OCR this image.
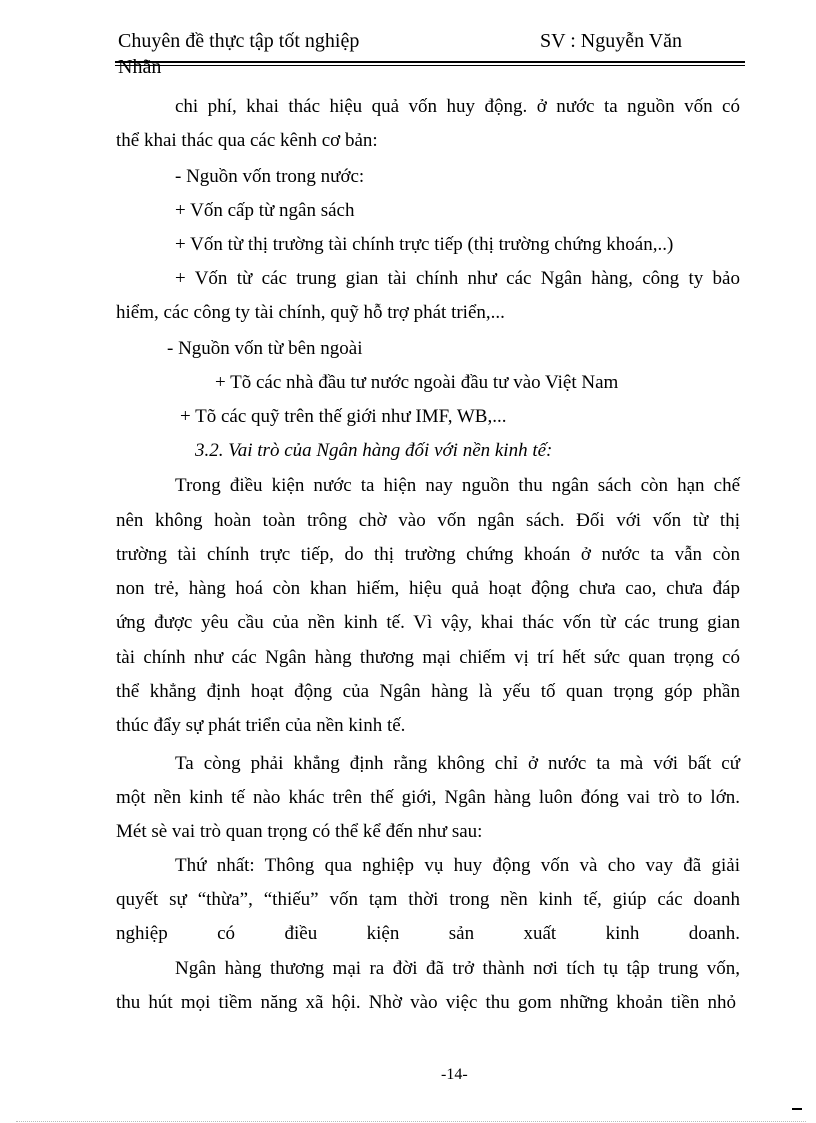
Chuyên đề thực tập tốt nghiệp	SV : Nguyễn Văn
Nhãn
chi phí, khai thác hiệu quả vốn huy động. ở nước ta nguồn vốn có
thể khai thác qua các kênh cơ bản:
- Nguồn vốn trong nước:
+ Vốn cấp từ ngân sách
+ Vốn từ thị trường tài chính trực tiếp (thị trường chứng khoán,..)
+ Vốn từ các trung gian tài chính như các Ngân hàng, công ty bảo
hiểm, các công ty tài chính, quỹ hỗ trợ phát triển,...
- Nguồn vốn từ bên ngoài
+ Tõ các nhà đầu tư nước ngoài đầu tư vào Việt Nam
+ Tõ các quỹ trên thế giới như IMF, WB,...
3.2. Vai trò của Ngân hàng đối với nền kinh tế:
Trong điều kiện nước ta hiện nay nguồn thu ngân sách còn hạn chế
nên không hoàn toàn trông chờ vào vốn ngân sách. Đối với vốn từ thị
trường tài chính trực tiếp, do thị trường chứng khoán ở nước ta vẫn còn
non trẻ, hàng hoá còn khan hiếm, hiệu quả hoạt động chưa cao, chưa đáp
ứng được yêu cầu của nền kinh tế. Vì vậy, khai thác vốn từ các trung gian
tài chính như các Ngân hàng thương mại chiếm vị trí hết sức quan trọng có
thể khẳng định hoạt động của Ngân hàng là yếu tố quan trọng góp phần
thúc đẩy sự phát triển của nền kinh tế.
Ta còng phải khẳng định rằng không chỉ ở nước ta mà với bất cứ
một nền kinh tế nào khác trên thế giới, Ngân hàng luôn đóng vai trò to lớn.
Mét sè vai trò quan trọng có thể kể đến như sau:
Thứ nhất: Thông qua nghiệp vụ huy động vốn và cho vay đã giải
quyết sự “thừa”, “thiếu” vốn tạm thời trong nền kinh tế, giúp các doanh
nghiệp có điều kiện sản xuất kinh doanh.
Ngân hàng thương mại ra đời đã trở thành nơi tích tụ tập trung vốn,
thu hút mọi tiềm năng xã hội. Nhờ vào việc thu gom những khoản tiền nhỏ
-14-
